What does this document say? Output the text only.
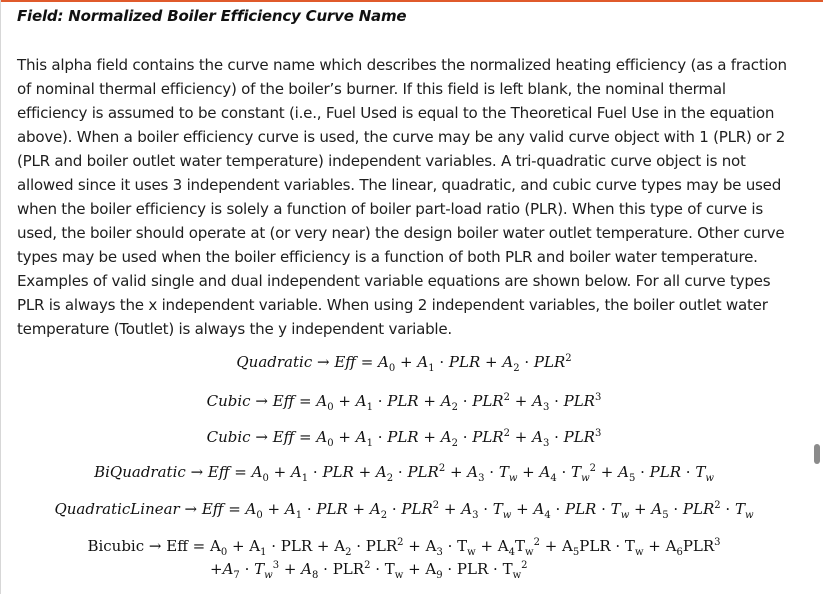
Field: Normalized Boiler Efficiency Curve Name

This alpha field contains the curve name which describes the normalized heating efficiency (as a fraction of nominal thermal efficiency) of the boiler’s burner. If this field is left blank, the nominal thermal efficiency is assumed to be constant (i.e., Fuel Used is equal to the Theoretical Fuel Use in the equation above). When a boiler efficiency curve is used, the curve may be any valid curve object with 1 (PLR) or 2 (PLR and boiler outlet water temperature) independent variables. A tri-quadratic curve object is not allowed since it uses 3 independent variables. The linear, quadratic, and cubic curve types may be used when the boiler efficiency is solely a function of boiler part-load ratio (PLR). When this type of curve is used, the boiler should operate at (or very near) the design boiler water outlet temperature. Other curve types may be used when the boiler efficiency is a function of both PLR and boiler water temperature. Examples of valid single and dual independent variable equations are shown below. For all curve types PLR is always the x independent variable. When using 2 independent variables, the boiler outlet water temperature (Toutlet) is always the y independent variable.

Quadratic → Eff = $A_0 + A_1$ · PLR + $A_2 \cdot PLR^2$
Cubic → Eff = $A_0 + A_1$ · PLR + $A_2 \cdot PLR^2 + A_3 \cdot PLR^3$
Cubic → Eff = $A_0 + A_1$ · PLR + $A_2 \cdot PLR^2 + A_3 \cdot PLR^3$
BiQuadratic → Eff = $A_0 + A_1$ · PLR + $A_2 \cdot PLR^2 + A_3 \cdot T_w + A_4 \cdot T_w^2 + A_5$ · PLR · $T_w$
QuadraticLinear → Eff = $A_0 + A_1$ · PLR + $A_2 \cdot PLR^2 + A_3 \cdot T_w + A_4$ · PLR · $T_w + A_5 \cdot PLR^2 \cdot T_w$
Bicubic → Eff = $A_0 + A_1$ · PLR + $A_2 \cdot PLR^2 + A_3 \cdot T_w + A_4T_w^2 + A_5PLR \cdot T_w + A_6PLR^3$
$+A_7 \cdot T_w^3 + A_8 \cdot PLR^2 \cdot T_w + A_9$ · PLR · $T_w^2$
